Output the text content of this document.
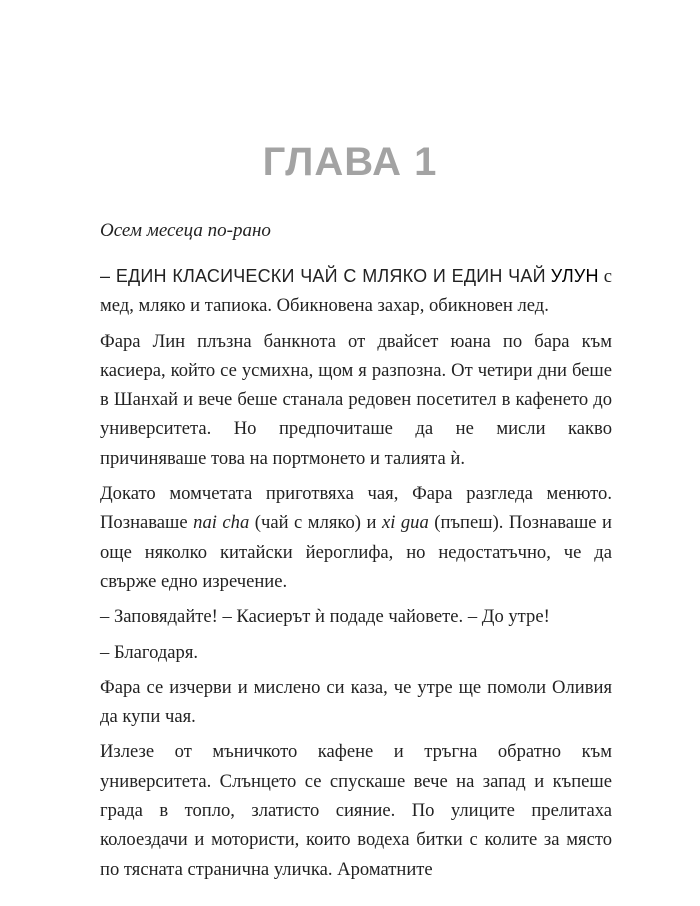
ГЛАВА 1
Осем месеца по-рано

– ЕДИН КЛАСИЧЕСКИ ЧАЙ С МЛЯКО И ЕДИН ЧАЙ УЛУН с мед, мляко и тапиока. Обикновена захар, обикновен лед.

Фара Лин плъзна банкнота от двайсет юана по бара към касиера, който се усмихна, щом я разпозна. От четири дни беше в Шанхай и вече беше станала редовен посетител в кафенето до университета. Но предпочиташе да не мисли какво причиняваше това на портмонето и талията ѝ.

Докато момчетата приготвяха чая, Фара разгледа менюто. Познаваше nai cha (чай с мляко) и xi gua (пъпеш). Познаваше и още няколко китайски йероглифа, но недостатъчно, че да свърже едно изречение.

– Заповядайте! – Касиерът ѝ подаде чайовете. – До утре!

– Благодаря.

Фара се изчерви и мислено си каза, че утре ще помоли Оливия да купи чая.

Излезе от мъничкото кафене и тръгна обратно към университета. Слънцето се спускаше вече на запад и къпеше града в топло, златисто сияние. По улиците прелитаха колоездачи и мотористи, които водеха битки с колите за място по тясната странична уличка. Ароматните
